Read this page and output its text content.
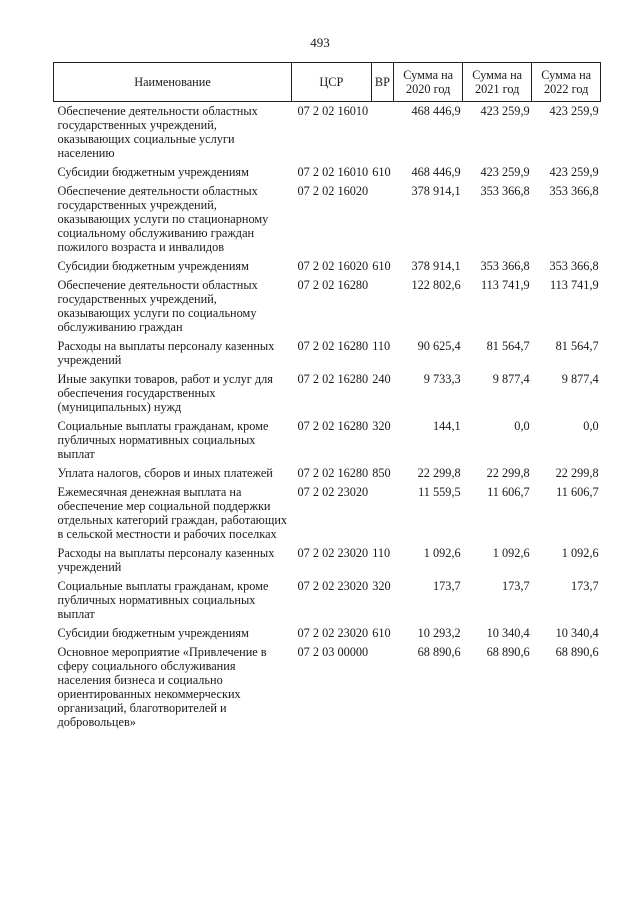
493
Наименование	ЦСР	ВР	Сумма на 2020 год	Сумма на 2021 год	Сумма на 2022 год
Обеспечение деятельности областных государственных учреждений, оказывающих социальные услуги населению	07 2 02 16010		468 446,9	423 259,9	423 259,9
Субсидии бюджетным учреждениям	07 2 02 16010	610	468 446,9	423 259,9	423 259,9
Обеспечение деятельности областных государственных учреждений, оказывающих услуги по стационарному социальному обслуживанию граждан пожилого возраста и инвалидов	07 2 02 16020		378 914,1	353 366,8	353 366,8
Субсидии бюджетным учреждениям	07 2 02 16020	610	378 914,1	353 366,8	353 366,8
Обеспечение деятельности областных государственных учреждений, оказывающих услуги по социальному обслуживанию граждан	07 2 02 16280		122 802,6	113 741,9	113 741,9
Расходы на выплаты персоналу казенных учреждений	07 2 02 16280	110	90 625,4	81 564,7	81 564,7
Иные закупки товаров, работ и услуг для обеспечения государственных (муниципальных) нужд	07 2 02 16280	240	9 733,3	9 877,4	9 877,4
Социальные выплаты гражданам, кроме публичных нормативных социальных выплат	07 2 02 16280	320	144,1	0,0	0,0
Уплата налогов, сборов и иных платежей	07 2 02 16280	850	22 299,8	22 299,8	22 299,8
Ежемесячная денежная выплата на обеспечение мер социальной поддержки отдельных категорий граждан, работающих в сельской местности и рабочих поселках	07 2 02 23020		11 559,5	11 606,7	11 606,7
Расходы на выплаты персоналу казенных учреждений	07 2 02 23020	110	1 092,6	1 092,6	1 092,6
Социальные выплаты гражданам, кроме публичных нормативных социальных выплат	07 2 02 23020	320	173,7	173,7	173,7
Субсидии бюджетным учреждениям	07 2 02 23020	610	10 293,2	10 340,4	10 340,4
Основное мероприятие «Привлечение в сферу социального обслуживания населения бизнеса и социально ориентированных некоммерческих организаций, благотворителей и добровольцев»	07 2 03 00000		68 890,6	68 890,6	68 890,6
